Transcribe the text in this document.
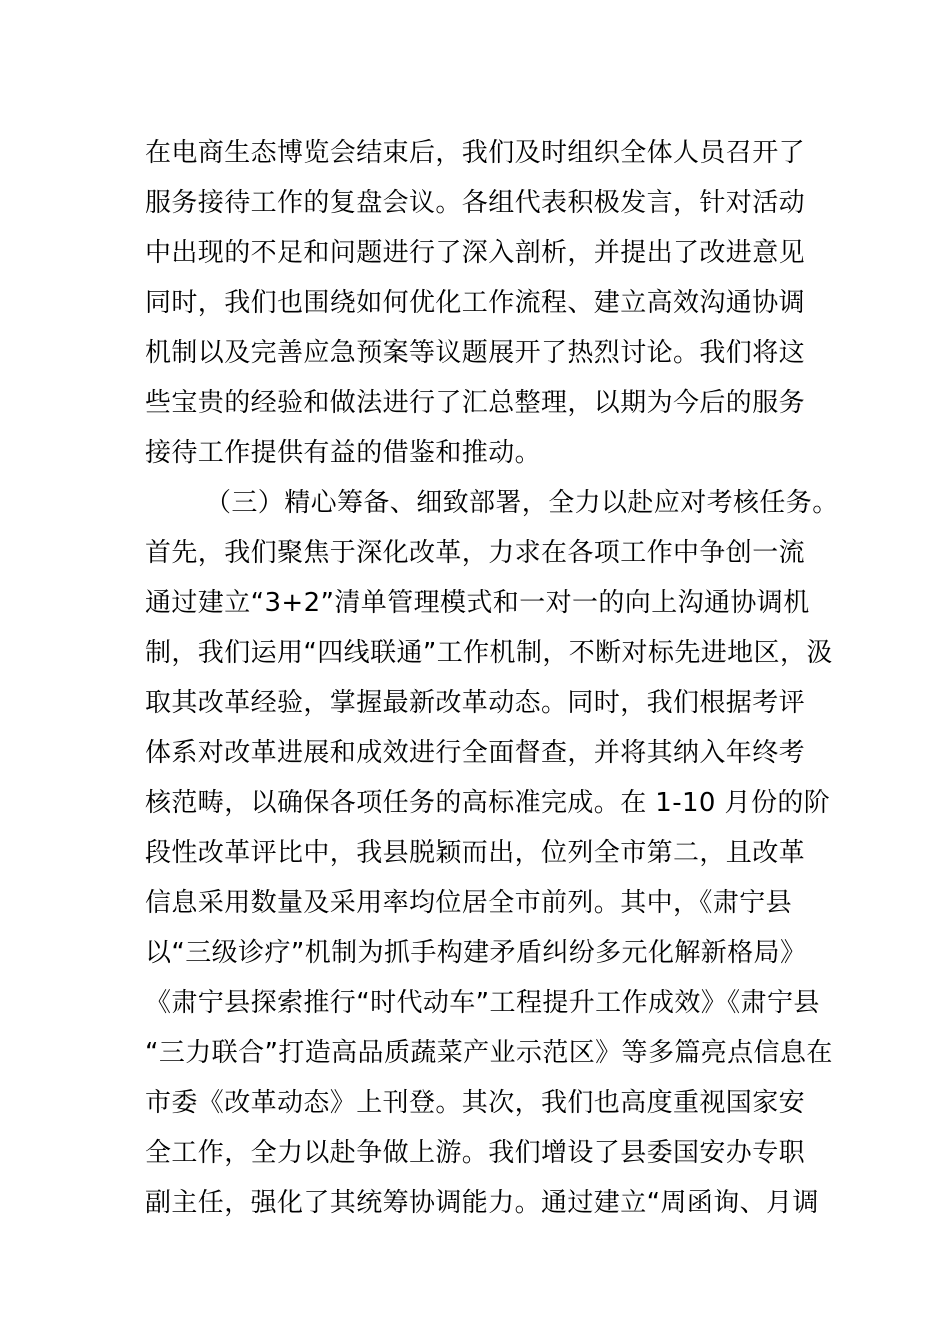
在电商生态博览会结束后，我们及时组织全体人员召开了
服务接待工作的复盘会议。各组代表积极发言，针对活动
中出现的不足和问题进行了深入剖析，并提出了改进意见
同时，我们也围绕如何优化工作流程、建立高效沟通协调
机制以及完善应急预案等议题展开了热烈讨论。我们将这
些宝贵的经验和做法进行了汇总整理，以期为今后的服务
接待工作提供有益的借鉴和推动。
（三）精心筹备、细致部署，全力以赴应对考核任务。
首先，我们聚焦于深化改革，力求在各项工作中争创一流
通过建立“3+2”清单管理模式和一对一的向上沟通协调机
制，我们运用“四线联通”工作机制，不断对标先进地区，汲
取其改革经验，掌握最新改革动态。同时，我们根据考评
体系对改革进展和成效进行全面督查，并将其纳入年终考
核范畴，以确保各项任务的高标准完成。在 1-10 月份的阶
段性改革评比中，我县脱颖而出，位列全市第二，且改革
信息采用数量及采用率均位居全市前列。其中，《肃宁县
以“三级诊疗”机制为抓手构建矛盾纠纷多元化解新格局》
《肃宁县探索推行“时代动车”工程提升工作成效》《肃宁县
“三力联合”打造高品质蔬菜产业示范区》等多篇亮点信息在
市委《改革动态》上刊登。其次，我们也高度重视国家安
全工作，全力以赴争做上游。我们增设了县委国安办专职
副主任，强化了其统筹协调能力。通过建立“周函询、月调
